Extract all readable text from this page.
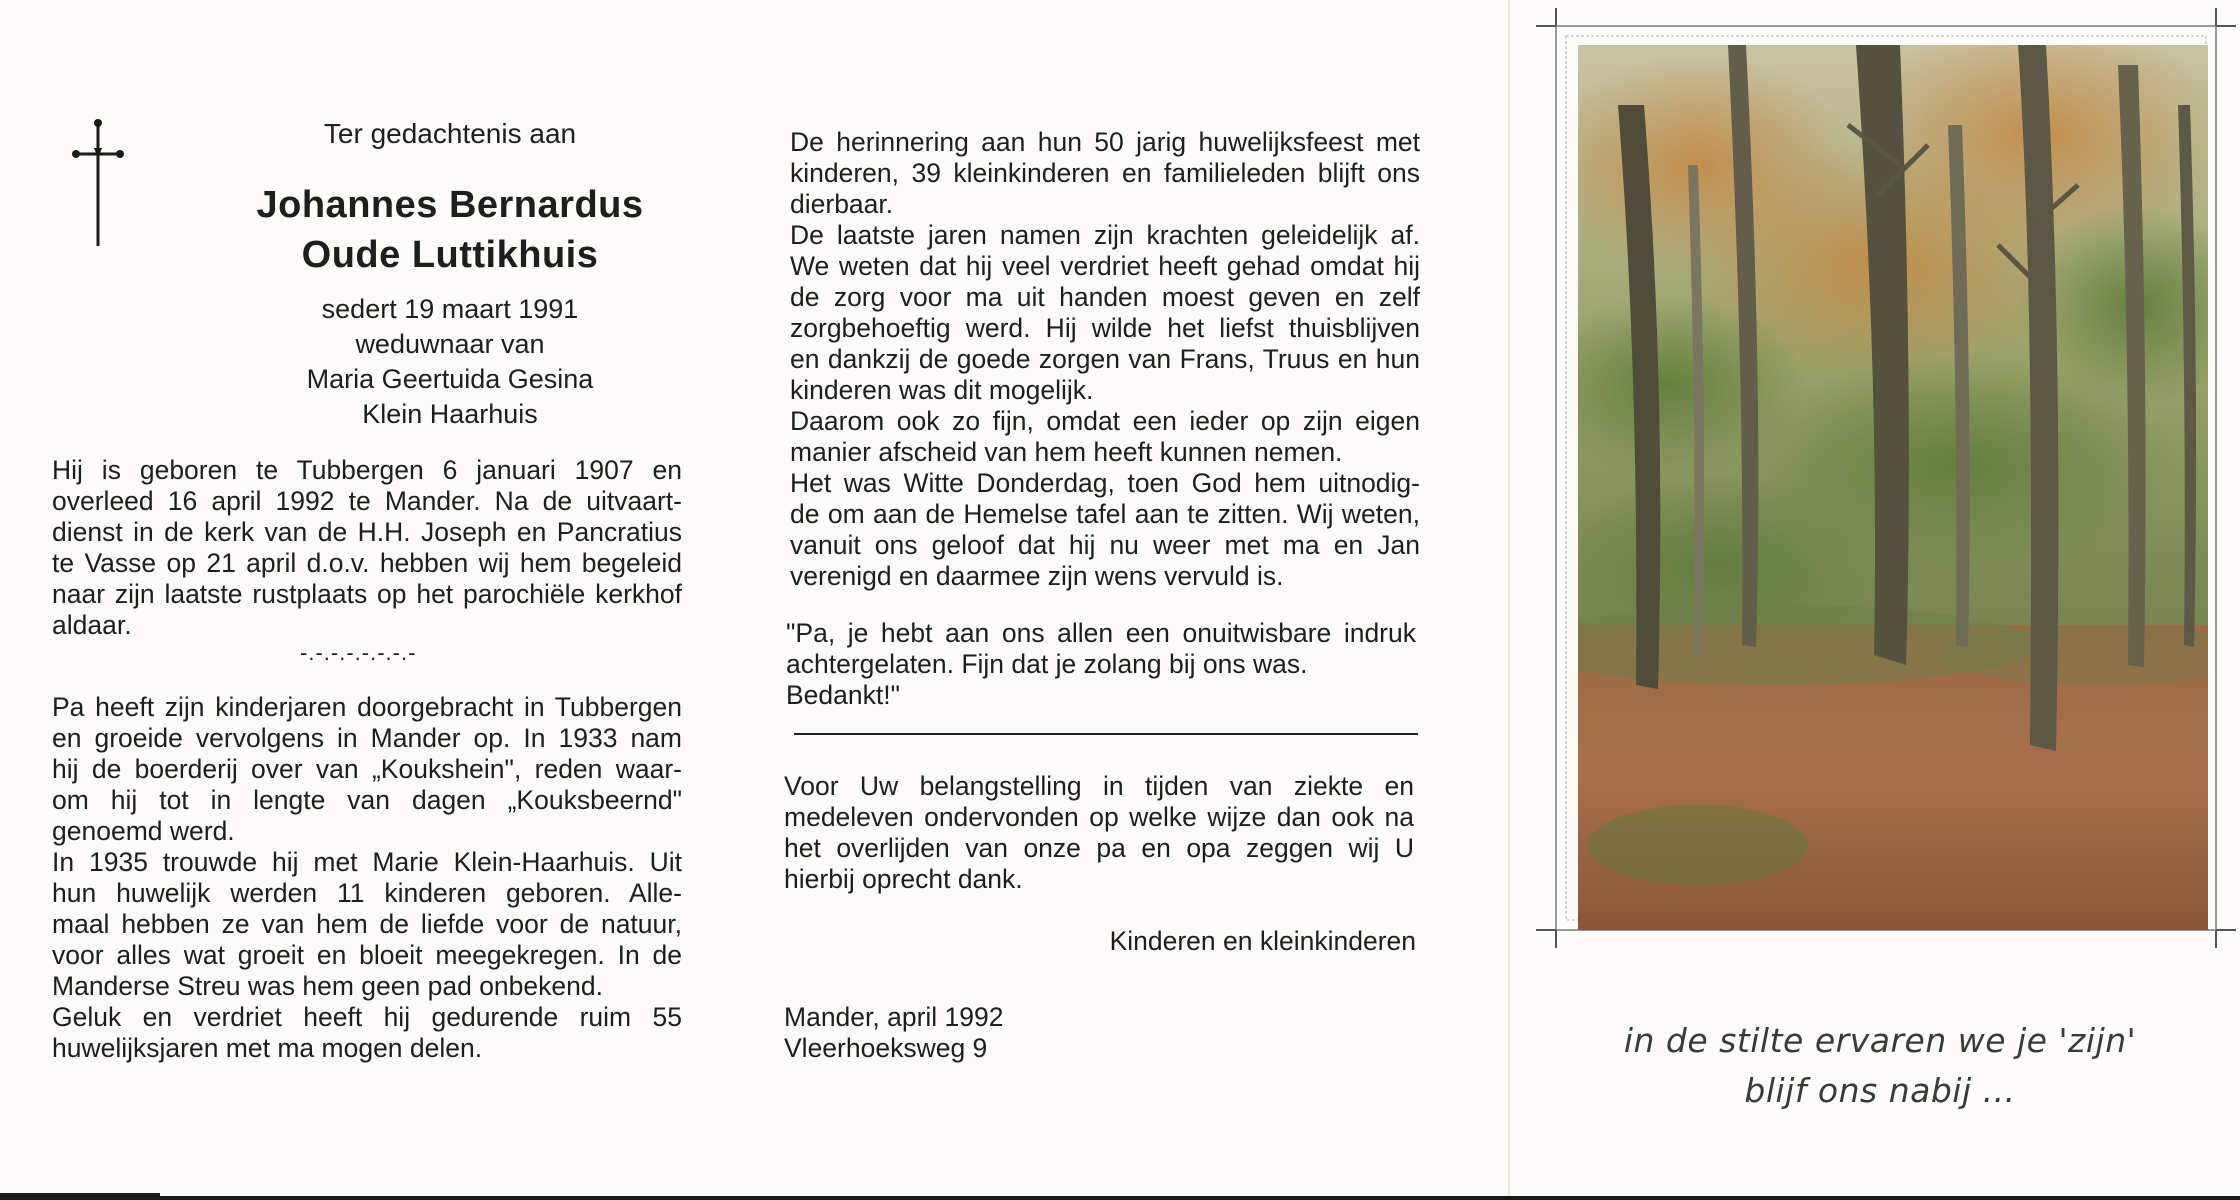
Ter gedachtenis aan
Johannes Bernardus
Oude Luttikhuis
sedert 19 maart 1991
weduwnaar van
Maria Geertuida Gesina
Klein Haarhuis
Hij is geboren te Tubbergen 6 januari 1907 en
overleed 16 april 1992 te Mander. Na de uitvaart-
dienst in de kerk van de H.H. Joseph en Pancratius
te Vasse op 21 april d.o.v. hebben wij hem begeleid
naar zijn laatste rustplaats op het parochiële kerkhof
aldaar.
-.-.-.-.-.-.-.-
Pa heeft zijn kinderjaren doorgebracht in Tubbergen
en groeide vervolgens in Mander op. In 1933 nam
hij de boerderij over van „Koukshein", reden waar-
om hij tot in lengte van dagen „Kouksbeernd"
genoemd werd.
In 1935 trouwde hij met Marie Klein-Haarhuis. Uit
hun huwelijk werden 11 kinderen geboren. Alle-
maal hebben ze van hem de liefde voor de natuur,
voor alles wat groeit en bloeit meegekregen. In de
Manderse Streu was hem geen pad onbekend.
Geluk en verdriet heeft hij gedurende ruim 55
huwelijksjaren met ma mogen delen.
De herinnering aan hun 50 jarig huwelijksfeest met
kinderen, 39 kleinkinderen en familieleden blijft ons
dierbaar.
De laatste jaren namen zijn krachten geleidelijk af.
We weten dat hij veel verdriet heeft gehad omdat hij
de zorg voor ma uit handen moest geven en zelf
zorgbehoeftig werd. Hij wilde het liefst thuisblijven
en dankzij de goede zorgen van Frans, Truus en hun
kinderen was dit mogelijk.
Daarom ook zo fijn, omdat een ieder op zijn eigen
manier afscheid van hem heeft kunnen nemen.
Het was Witte Donderdag, toen God hem uitnodig-
de om aan de Hemelse tafel aan te zitten. Wij weten,
vanuit ons geloof dat hij nu weer met ma en Jan
verenigd en daarmee zijn wens vervuld is.
"Pa, je hebt aan ons allen een onuitwisbare indruk
achtergelaten. Fijn dat je zolang bij ons was.
Bedankt!"
Voor Uw belangstelling in tijden van ziekte en
medeleven ondervonden op welke wijze dan ook na
het overlijden van onze pa en opa zeggen wij U
hierbij oprecht dank.
Kinderen en kleinkinderen
Mander, april 1992
Vleerhoeksweg 9	in de stilte ervaren we je 'zijn'
blijf ons nabij ...
